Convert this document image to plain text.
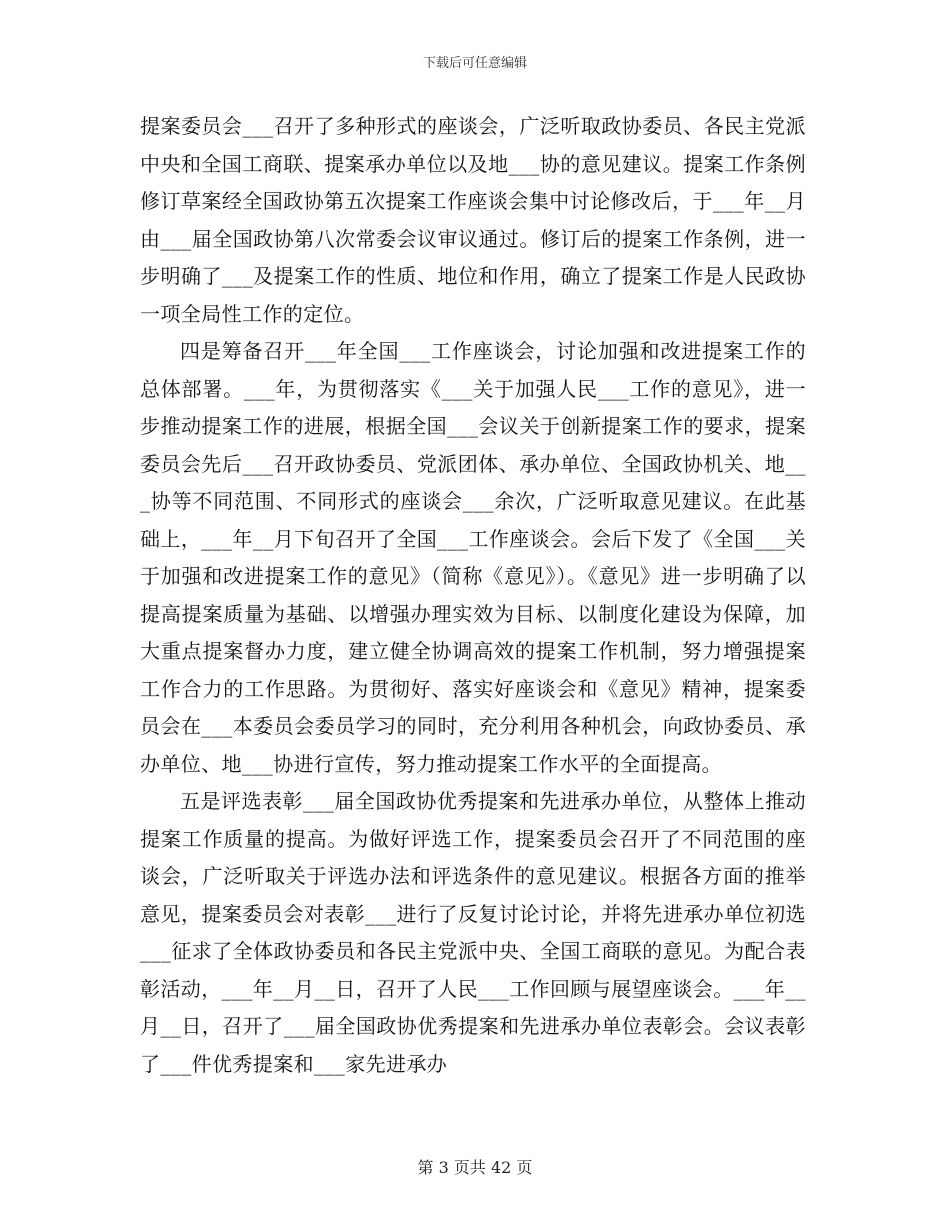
下载后可任意编辑

提案委员会___召开了多种形式的座谈会，广泛听取政协委员、各民主党派中央和全国工商联、提案承办单位以及地___协的意见建议。提案工作条例修订草案经全国政协第五次提案工作座谈会集中讨论修改后，于___年__月由___届全国政协第八次常委会议审议通过。修订后的提案工作条例，进一步明确了___及提案工作的性质、地位和作用，确立了提案工作是人民政协一项全局性工作的定位。

四是筹备召开___年全国___工作座谈会，讨论加强和改进提案工作的总体部署。___年，为贯彻落实《___关于加强人民___工作的意见》，进一步推动提案工作的进展，根据全国___会议关于创新提案工作的要求，提案委员会先后___召开政协委员、党派团体、承办单位、全国政协机关、地___协等不同范围、不同形式的座谈会___余次，广泛听取意见建议。在此基础上，___年__月下旬召开了全国___工作座谈会。会后下发了《全国___关于加强和改进提案工作的意见》（简称《意见》）。《意见》进一步明确了以提高提案质量为基础、以增强办理实效为目标、以制度化建设为保障，加大重点提案督办力度，建立健全协调高效的提案工作机制，努力增强提案工作合力的工作思路。为贯彻好、落实好座谈会和《意见》精神，提案委员会在___本委员会委员学习的同时，充分利用各种机会，向政协委员、承办单位、地___协进行宣传，努力推动提案工作水平的全面提高。

五是评选表彰___届全国政协优秀提案和先进承办单位，从整体上推动提案工作质量的提高。为做好评选工作，提案委员会召开了不同范围的座谈会，广泛听取关于评选办法和评选条件的意见建议。根据各方面的推举意见，提案委员会对表彰___进行了反复讨论讨论，并将先进承办单位初选___征求了全体政协委员和各民主党派中央、全国工商联的意见。为配合表彰活动，___年__月__日，召开了人民___工作回顾与展望座谈会。___年__月__日，召开了___届全国政协优秀提案和先进承办单位表彰会。会议表彰了___件优秀提案和___家先进承办

第 3 页共 42 页
